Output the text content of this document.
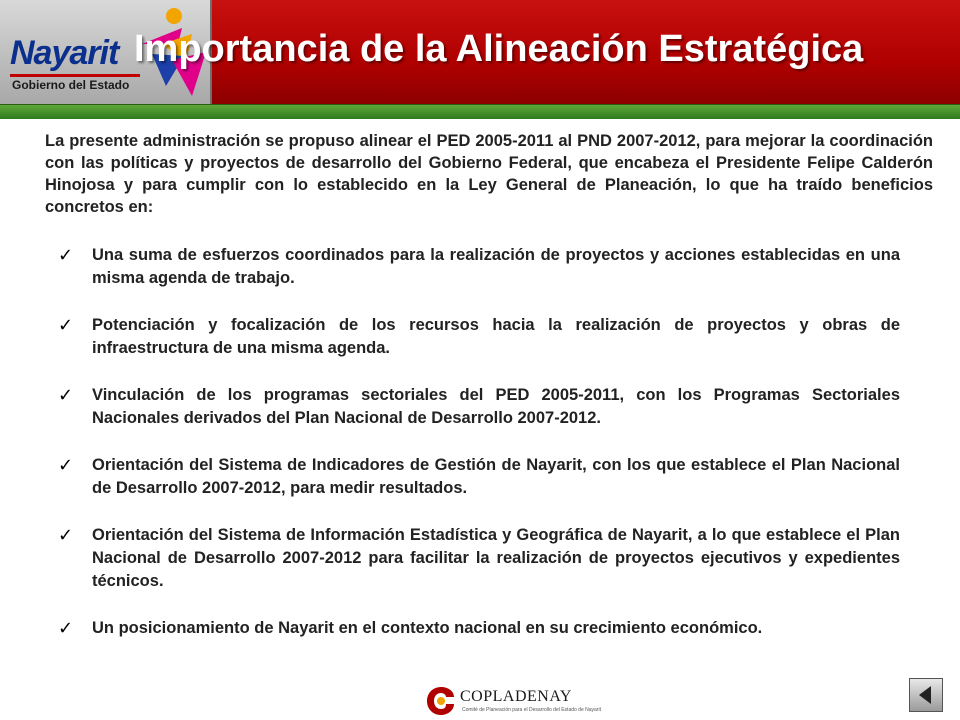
Nayarit
Gobierno del Estado
Importancia de la Alineación Estratégica

La presente administración se propuso alinear el PED 2005-2011 al PND 2007-2012, para mejorar la coordinación con las políticas y proyectos de desarrollo del Gobierno Federal, que encabeza el Presidente Felipe Calderón Hinojosa y para cumplir con lo establecido en la Ley General de Planeación, lo que ha traído beneficios concretos en:

✓ Una suma de esfuerzos coordinados para la realización de proyectos y acciones establecidas en una misma agenda de trabajo.
✓ Potenciación y focalización de los recursos hacia la realización de proyectos y obras de infraestructura de una misma agenda.
✓ Vinculación de los programas sectoriales del PED 2005-2011, con los Programas Sectoriales Nacionales derivados del Plan Nacional de Desarrollo 2007-2012.
✓ Orientación del Sistema de Indicadores de Gestión de Nayarit, con los que establece el Plan Nacional de Desarrollo 2007-2012, para medir resultados.
✓ Orientación del Sistema de Información Estadística y Geográfica de Nayarit, a lo que establece el Plan Nacional de Desarrollo 2007-2012 para facilitar la realización de proyectos ejecutivos y expedientes técnicos.
✓ Un posicionamiento de Nayarit en el contexto nacional en su crecimiento económico.
COPLADENAY
Comité de Planeación para el Desarrollo del Estado de Nayarit
